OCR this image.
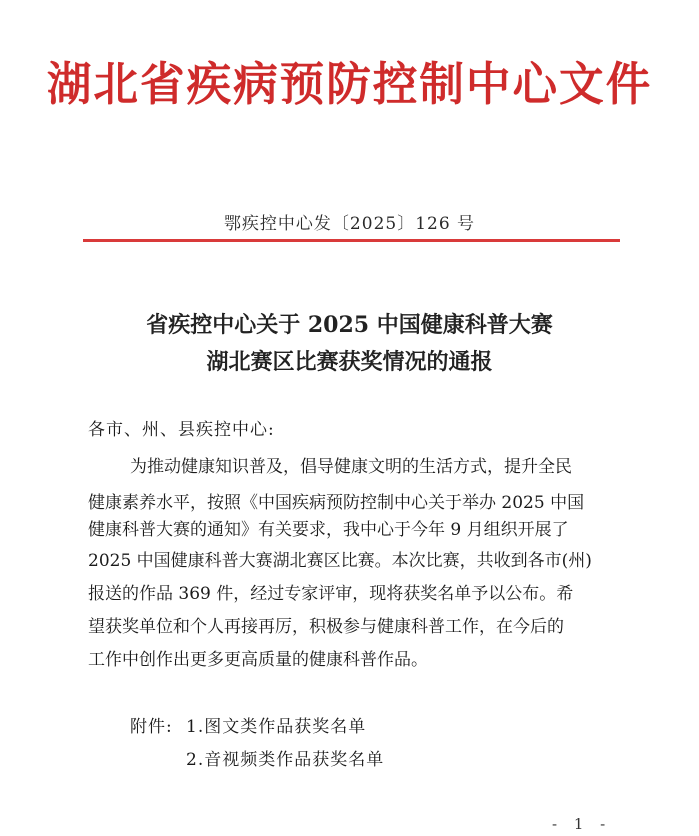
湖北省疾病预防控制中心文件
鄂疾控中心发〔2025〕126 号
省疾控中心关于 2025 中国健康科普大赛
湖北赛区比赛获奖情况的通报
各市、州、县疾控中心:
为推动健康知识普及，倡导健康文明的生活方式，提升全民
健康素养水平，按照《中国疾病预防控制中心关于举办 2025 中国
健康科普大赛的通知》有关要求，我中心于今年 9 月组织开展了
2025 中国健康科普大赛湖北赛区比赛。本次比赛，共收到各市(州)
报送的作品 369 件，经过专家评审，现将获奖名单予以公布。希
望获奖单位和个人再接再厉，积极参与健康科普工作，在今后的
工作中创作出更多更高质量的健康科普作品。
附件: 1.图文类作品获奖名单
2.音视频类作品获奖名单
- 1 -
